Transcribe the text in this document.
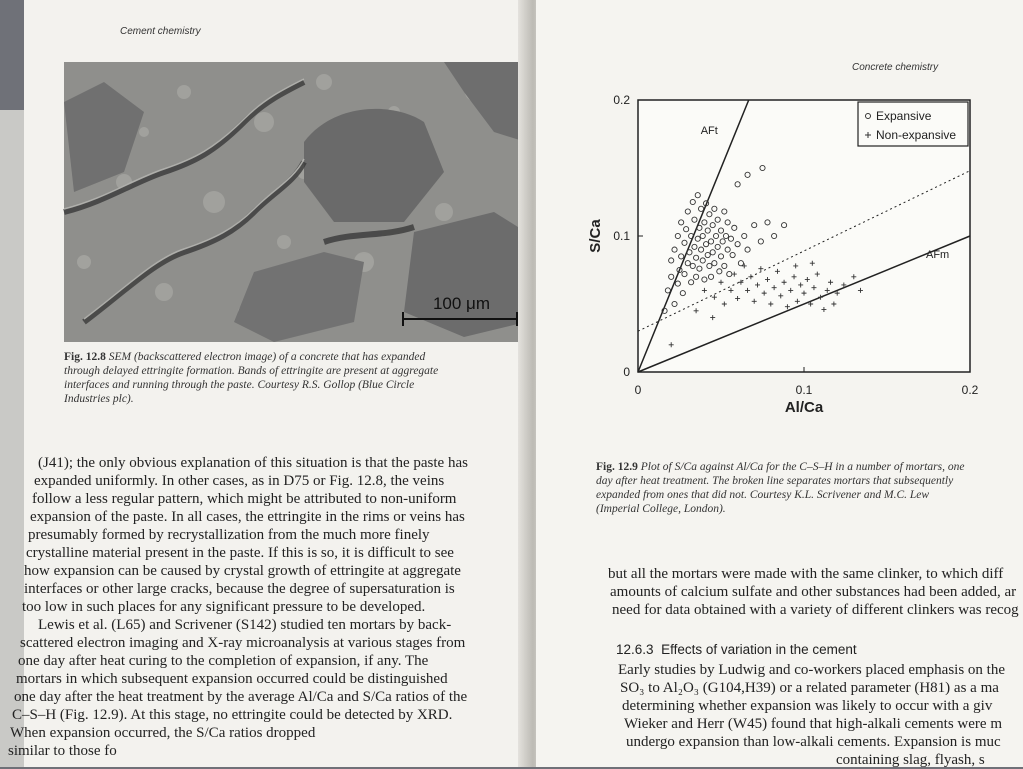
Cement chemistry
100 μm
Fig. 12.8 SEM (backscattered electron image) of a concrete that has expanded
through delayed ettringite formation. Bands of ettringite are present at aggregate
interfaces and running through the paste. Courtesy R.S. Gollop (Blue Circle
Industries plc).
(J41); the only obvious explanation of this situation is that the paste has
expanded uniformly. In other cases, as in D75 or Fig. 12.8, the veins
follow a less regular pattern, which might be attributed to non-uniform
expansion of the paste. In all cases, the ettringite in the rims or veins has
presumably formed by recrystallization from the much more finely
crystalline material present in the paste. If this is so, it is difficult to see
how expansion can be caused by crystal growth of ettringite at aggregate
interfaces or other large cracks, because the degree of supersaturation is
too low in such places for any significant pressure to be developed.
Lewis et al. (L65) and Scrivener (S142) studied ten mortars by back-
scattered electron imaging and X-ray microanalysis at various stages from
one day after heat curing to the completion of expansion, if any. The
mortars in which subsequent expansion occurred could be distinguished
one day after the heat treatment by the average Al/Ca and S/Ca ratios of the
C–S–H (Fig. 12.9). At this stage, no ettringite could be detected by XRD.
When expansion occurred, the S/Ca ratios dropped
similar to those fo
Concrete chemistry
0	0.1	0.2
0
0.1
0.2
Al/Ca
S/Ca
AFt
AFm
Expansive
Non-expansive
Fig. 12.9 Plot of S/Ca against Al/Ca for the C–S–H in a number of mortars, one
day after heat treatment. The broken line separates mortars that subsequently
expanded from ones that did not. Courtesy K.L. Scrivener and M.C. Lew
(Imperial College, London).
but all the mortars were made with the same clinker, to which diff
amounts of calcium sulfate and other substances had been added, ar
need for data obtained with a variety of different clinkers was recog
12.6.3 Effects of variation in the cement
Early studies by Ludwig and co-workers placed emphasis on the
SO₃ to Al₂O₃ (G104,H39) or a related parameter (H81) as a ma
determining whether expansion was likely to occur with a giv
Wieker and Herr (W45) found that high-alkali cements were m
undergo expansion than low-alkali cements. Expansion is muc
containing slag, flyash, s
